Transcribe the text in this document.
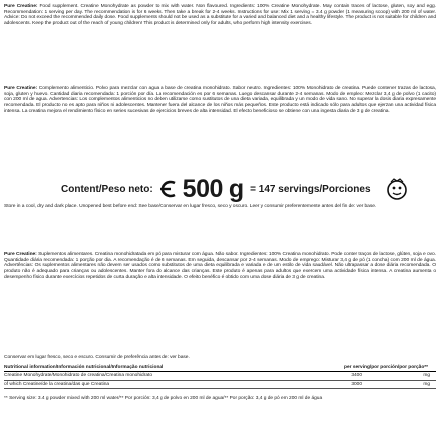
Pure Creatine: Food supplement. Creatine Monohydrate as powder to mix with water. Non flavoured. Ingredients: 100% Creatine Monohydrate. May contain traces of lactose, gluten, soy and egg. Recommendation: 1 serving per day. The recommendation is for 6 weeks. Then take a break for 2-4 weeks. Instructions for use: Mix 1 serving = 3.4 g powder (1 measuring scoop) with 200 ml of water. Advice: Do not exceed the recommended daily dose. Food supplements should not be used as a substitute for a varied and balanced diet and a healthy lifestyle. The product is not suitable for children and adolescents. Keep the product out of the reach of young children! This product is determined only for adults, who perform high intensity exercises.
Pure Creatine: Complemento alimenticio. Polvo para mezclar con agua a base de creatina monohidrato. Sabor neutro. Ingredientes: 100% Monohidrato de creatina. Puede contener trazas de lactosa, soja, gluten y huevo. Cantidad diaria recomendada: 1 porción por día. La recomendación es por 6 semanas. Luego descansar durante 2-4 semanas. Modo de empleo: Mezclar 3,4 g de polvo (1 cacito) con 200 ml de agua. Advertencias: Los complementos alimenticios no deben utilizarse como sustitutos de una dieta variada, equilibrada y un modo de vida sano. No superar la dosis diaria expresamente recomendada. El producto no es apto para niños ni adolescentes. Mantener fuera del alcance de los niños más pequeños. Este producto está indicado sólo para adultos que ejerzan una actividad física intensa. La creatina mejora el rendimiento físico en series sucesivas de ejercicios breves de alta intensidad. El efecto beneficioso se obtiene con una ingesta diaria de 3 g de creatina.
Content/Peso neto: 500 g = 147 servings/Porciones
Store in a cool, dry and dark place. Unopened best before end: See base/Conservar en lugar fresco, seco y oscuro. Leer y consumir preferentemente antes del fin de: ver base.
Pure Creatine: Suplementos alimentares. Creatina monohidratada em pó para misturar com água. Não sabor. Ingredientes: 100% Creatina monohidrato. Pode conter traços de lactose, glúten, soja e ovo. Quantidade diária recomendada: 1 porção por dia. A recomendação é de 6 semanas. Em seguida, descansar por 2-4 semanas. Modo de emprego: Misturar 3,4 g de pó (1 concha) com 200 ml de água. Advertências: Os suplementos alimentares não devem ser usados como substitutos de uma dieta equilibrada e variada e de um estilo de vida saudável. Não ultrapassar a dose diária recomendada. O produto não é adequado para crianças ou adolescentes. Manter fora do alcance das crianças. Este produto é apenas para adultos que exercem uma actividade física intensa. A creatina aumenta o desempenho físico durante exercícios repetidos de curta duração e alta intensidade. O efeito benéfico é obtido com uma dose diária de 3 g de creatina.
Conservar em lugar fresco, seco e escuro. Consumir de preferência antes de: ver base.
Nutritional information/Información nutricional/Informação nutricional	per serving/por porción/por porção**
Creatine Monohydrate/Monohidrato de creatina/Creatina monohidrato	3400	mg
of which Creatine/de la creatina/das que Creatina	3000	mg
** Serving size: 3.4 g powder mixed with 200 ml water/** Por porción: 3,4 g de polvo en 200 ml de agua/** Por porção: 3,4 g de pó em 200 ml de água
